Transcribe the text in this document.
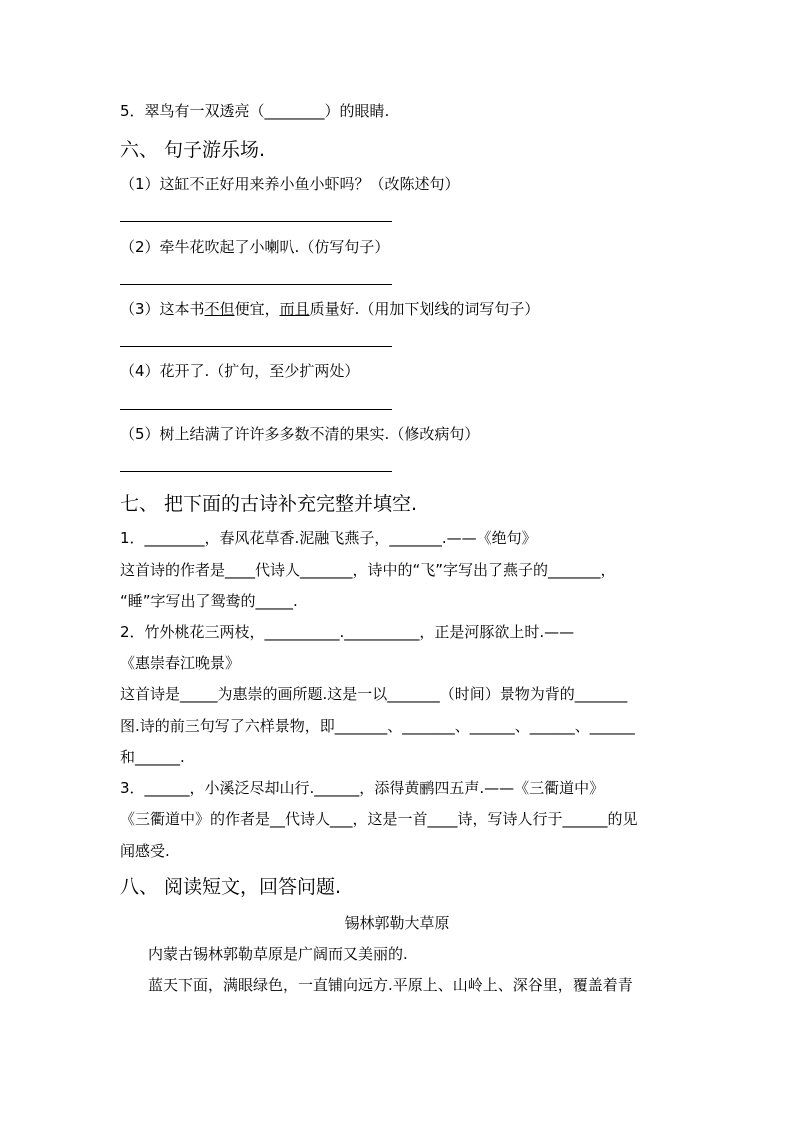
5．翠鸟有一双透亮（________）的眼睛.
六、 句子游乐场.
（1）这缸不正好用来养小鱼小虾吗？（改陈述句）
（2）牵牛花吹起了小喇叭.（仿写句子）
（3）这本书不但便宜，而且质量好.（用加下划线的词写句子）
（4）花开了.（扩句，至少扩两处）
（5）树上结满了许许多多数不清的果实.（修改病句）
七、 把下面的古诗补充完整并填空.
1．________，春风花草香.泥融飞燕子，_______.——《绝句》
这首诗的作者是____代诗人_______，诗中的“飞”字写出了燕子的_______，
“睡”字写出了鸳鸯的_____.
2．竹外桃花三两枝，__________.__________，正是河豚欲上时.——
《惠崇春江晚景》
这首诗是_____为惠崇的画所题.这是一以_______（时间）景物为背的_______
图.诗的前三句写了六样景物，即_______、_______、______、______、______
和______.
3．______，小溪泛尽却山行.______，添得黄鹂四五声.——《三衢道中》
《三衢道中》的作者是__代诗人___，这是一首____诗，写诗人行于______的见
闻感受.
八、 阅读短文，回答问题.
锡林郭勒大草原
内蒙古锡林郭勒草原是广阔而又美丽的.
蓝天下面，满眼绿色，一直铺向远方.平原上、山岭上、深谷里，覆盖着青
